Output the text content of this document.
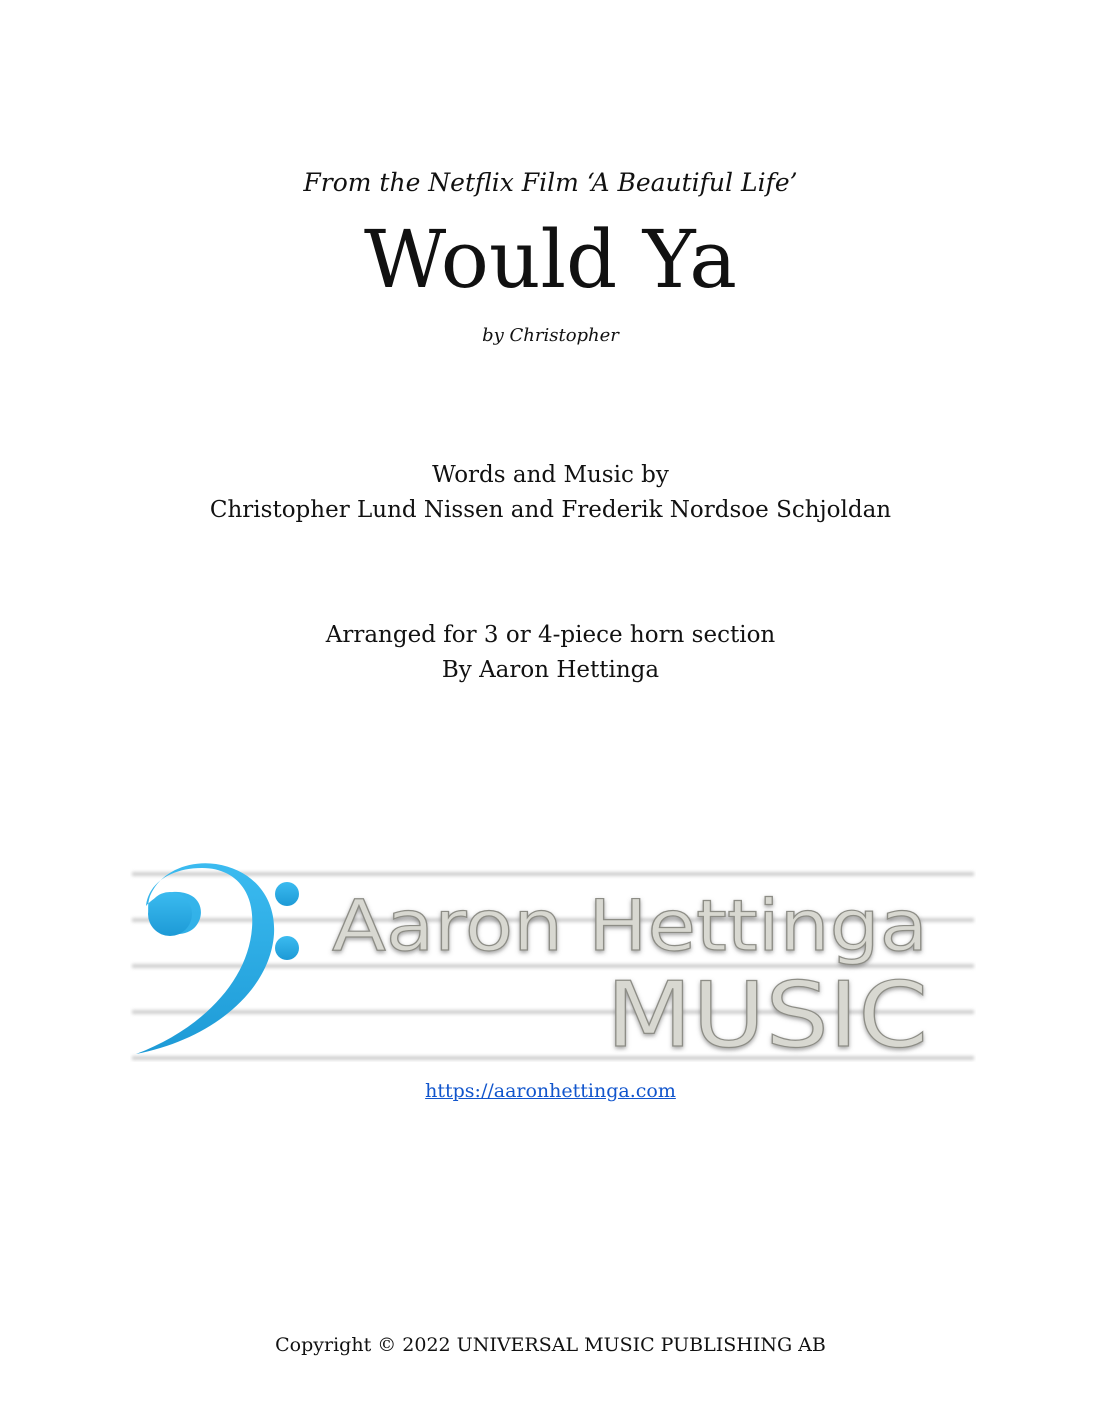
From the Netflix Film ‘A Beautiful Life’
Would Ya
by Christopher
Words and Music by
Christopher Lund Nissen and Frederik Nordsoe Schjoldan
Arranged for 3 or 4-piece horn section
By Aaron Hettinga
Aaron Hettinga
MUSIC
https://aaronhettinga.com
Copyright © 2022 UNIVERSAL MUSIC PUBLISHING AB
